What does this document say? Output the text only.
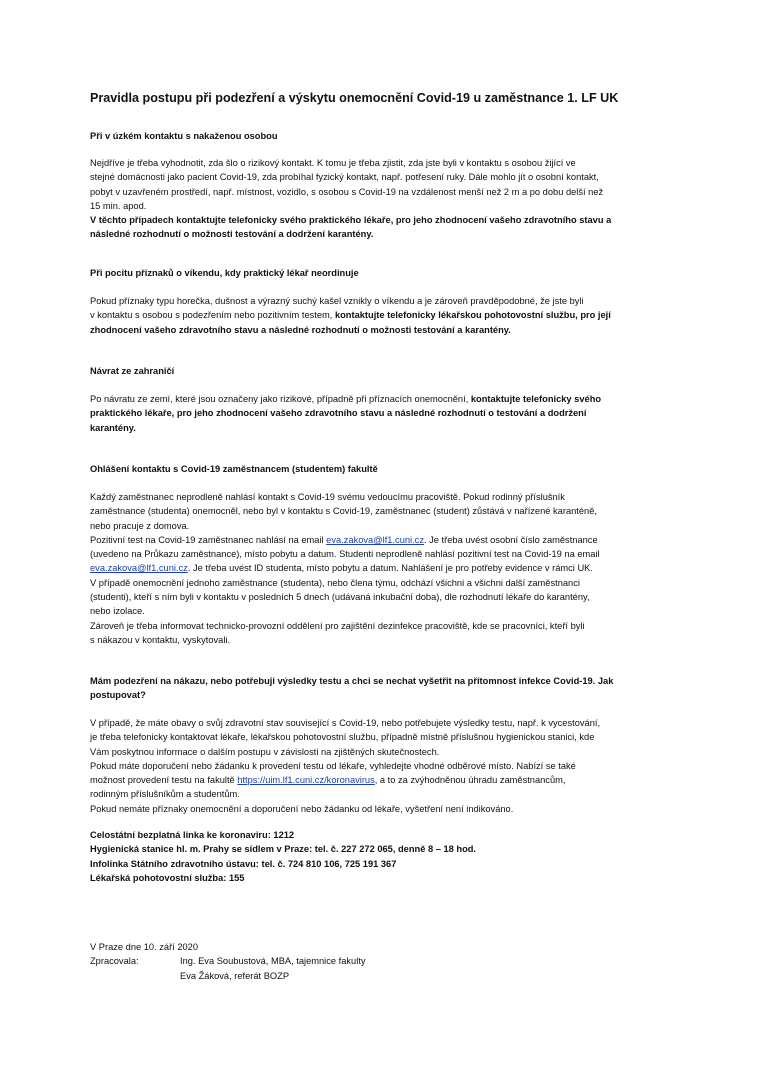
Pravidla postupu při podezření a výskytu onemocnění Covid-19 u zaměstnance 1. LF UK
Při v úzkém kontaktu s nakaženou osobou
Nejdříve je třeba vyhodnotit, zda šlo o rizikový kontakt. K tomu je třeba zjistit, zda jste byli v kontaktu s osobou žijící ve
stejné domácnosti jako pacient Covid-19, zda probíhal fyzický kontakt, např. potřesení ruky. Dále mohlo jít o osobní kontakt,
pobyt v uzavřeném prostředí, např. místnost, vozidlo, s osobou s Covid-19 na vzdálenost menší než 2 m a po dobu delší než
15 min. apod.
V těchto případech kontaktujte telefonicky svého praktického lékaře, pro jeho zhodnocení vašeho zdravotního stavu a
následné rozhodnutí o možnosti testování a dodržení karantény.
Při pocitu příznaků o víkendu, kdy praktický lékař neordinuje
Pokud příznaky typu horečka, dušnost a výrazný suchý kašel vznikly o víkendu a je zároveň pravděpodobné, že jste byli
v kontaktu s osobou s podezřením nebo pozitivním testem, kontaktujte telefonicky lékařskou pohotovostní službu, pro její
zhodnocení vašeho zdravotního stavu a následné rozhodnutí o možnosti testování a karantény.
Návrat ze zahraničí
Po návratu ze zemí, které jsou označeny jako rizikové, případně při příznacích onemocnění, kontaktujte telefonicky svého
praktického lékaře, pro jeho zhodnocení vašeho zdravotního stavu a následné rozhodnutí o testování a dodržení
karantény.
Ohlášení kontaktu s Covid-19 zaměstnancem (studentem) fakultě
Každý zaměstnanec neprodleně nahlásí kontakt s Covid-19 svému vedoucímu pracoviště. Pokud rodinný příslušník
zaměstnance (studenta) onemocněl, nebo byl v kontaktu s Covid-19, zaměstnanec (student) zůstává v nařízené karanténě,
nebo pracuje z domova.
Pozitivní test na Covid-19 zaměstnanec nahlásí na email eva.zakova@lf1.cuni.cz. Je třeba uvést osobní číslo zaměstnance
(uvedeno na Průkazu zaměstnance), místo pobytu a datum. Studenti neprodleně nahlásí pozitivní test na Covid-19 na email
eva.zakova@lf1.cuni.cz. Je třeba uvést ID studenta, místo pobytu a datum. Nahlášení je pro potřeby evidence v rámci UK.
V případě onemocnění jednoho zaměstnance (studenta), nebo člena týmu, odchází všichni a všichni další zaměstnanci
(studenti), kteří s ním byli v kontaktu v posledních 5 dnech (udávaná inkubační doba), dle rozhodnutí lékaře do karantény,
nebo izolace.
Zároveň je třeba informovat technicko-provozní oddělení pro zajištění dezinfekce pracoviště, kde se pracovníci, kteří byli
s nákazou v kontaktu, vyskytovali.
Mám podezření na nákazu, nebo potřebuji výsledky testu a chci se nechat vyšetřit na přítomnost infekce Covid-19. Jak
postupovat?
V případě, že máte obavy o svůj zdravotní stav související s Covid-19, nebo potřebujete výsledky testu, např. k vycestování,
je třeba telefonicky kontaktovat lékaře, lékařskou pohotovostní službu, případně místně příslušnou hygienickou stanici, kde
Vám poskytnou informace o dalším postupu v závislosti na zjištěných skutečnostech.
Pokud máte doporučení nebo žádanku k provedení testu od lékaře, vyhledejte vhodné odběrové místo. Nabízí se také
možnost provedení testu na fakultě https://uim.lf1.cuni.cz/koronavirus, a to za zvýhodněnou úhradu zaměstnancům,
rodinným příslušníkům a studentům.
Pokud nemáte příznaky onemocnění a doporučení nebo žádanku od lékaře, vyšetření není indikováno.
Celostátní bezplatná linka ke koronaviru: 1212
Hygienická stanice hl. m. Prahy se sídlem v Praze: tel. č. 227 272 065, denně 8 – 18 hod.
Infolinka Státního zdravotního ústavu: tel. č. 724 810 106, 725 191 367
Lékařská pohotovostní služba: 155
V Praze dne 10. září 2020
Zpracovala:	Ing. Eva Soubustová, MBA, tajemnice fakulty
Eva Žáková, referát BOZP
